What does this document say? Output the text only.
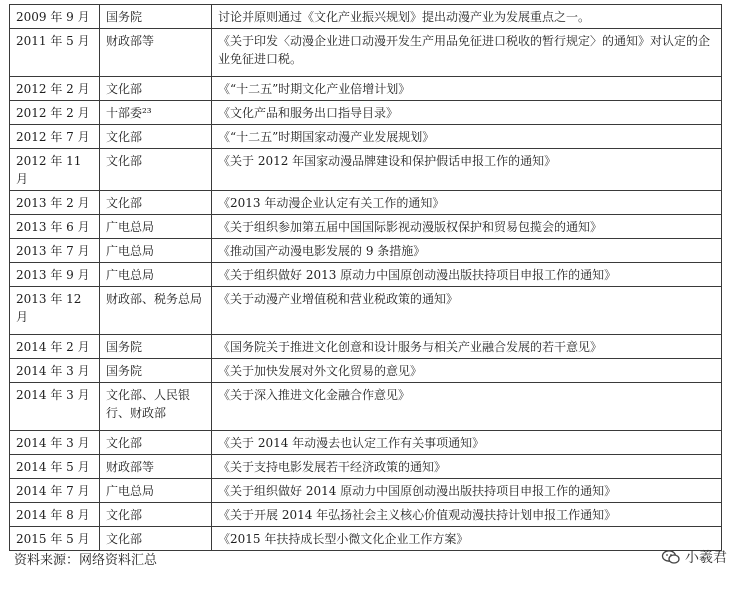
2009 年 9 月	国务院	讨论并原则通过《文化产业振兴规划》提出动漫产业为发展重点之一。
2011 年 5 月	财政部等	《关于印发〈动漫企业进口动漫开发生产用品免征进口税收的暂行规定〉的通知》对认定的企业免征进口税。
2012 年 2 月	文化部	《“十二五”时期文化产业倍增计划》
2012 年 2 月	十部委²³	《文化产品和服务出口指导目录》
2012 年 7 月	文化部	《“十二五”时期国家动漫产业发展规划》
2012 年 11 月	文化部	《关于 2012 年国家动漫品牌建设和保护假话申报工作的通知》
2013 年 2 月	文化部	《2013 年动漫企业认定有关工作的通知》
2013 年 6 月	广电总局	《关于组织参加第五届中国国际影视动漫版权保护和贸易包揽会的通知》
2013 年 7 月	广电总局	《推动国产动漫电影发展的 9 条措施》
2013 年 9 月	广电总局	《关于组织做好 2013 原动力中国原创动漫出版扶持项目申报工作的通知》
2013 年 12 月	财政部、税务总局	《关于动漫产业增值税和营业税政策的通知》
2014 年 2 月	国务院	《国务院关于推进文化创意和设计服务与相关产业融合发展的若干意见》
2014 年 3 月	国务院	《关于加快发展对外文化贸易的意见》
2014 年 3 月	文化部、人民银行、财政部	《关于深入推进文化金融合作意见》
2014 年 3 月	文化部	《关于 2014 年动漫去也认定工作有关事项通知》
2014 年 5 月	财政部等	《关于支持电影发展若干经济政策的通知》
2014 年 7 月	广电总局	《关于组织做好 2014 原动力中国原创动漫出版扶持项目申报工作的通知》
2014 年 8 月	文化部	《关于开展 2014 年弘扬社会主义核心价值观动漫扶持计划申报工作通知》
2015 年 5 月	文化部	《2015 年扶持成长型小微文化企业工作方案》
资料来源：网络资料汇总	小羲君
